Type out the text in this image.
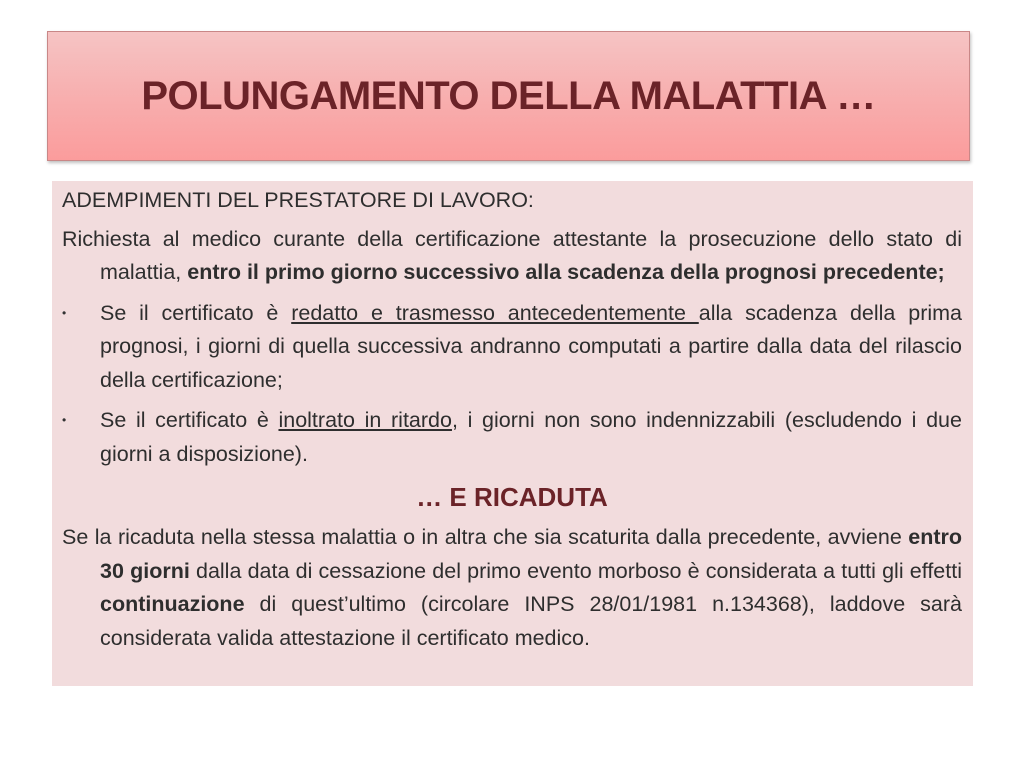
POLUNGAMENTO DELLA MALATTIA …

ADEMPIMENTI DEL PRESTATORE DI LAVORO:

Richiesta al medico curante della certificazione attestante la prosecuzione dello stato di malattia, entro il primo giorno successivo alla scadenza della prognosi precedente;

• Se il certificato è redatto e trasmesso antecedentemente alla scadenza della prima prognosi, i giorni di quella successiva andranno computati a partire dalla data del rilascio della certificazione;

• Se il certificato è inoltrato in ritardo, i giorni non sono indennizzabili (escludendo i due giorni a disposizione).

… E RICADUTA

Se la ricaduta nella stessa malattia o in altra che sia scaturita dalla precedente, avviene entro 30 giorni dalla data di cessazione del primo evento morboso è considerata a tutti gli effetti continuazione di quest’ultimo (circolare INPS 28/01/1981 n.134368), laddove sarà considerata valida attestazione il certificato medico.
